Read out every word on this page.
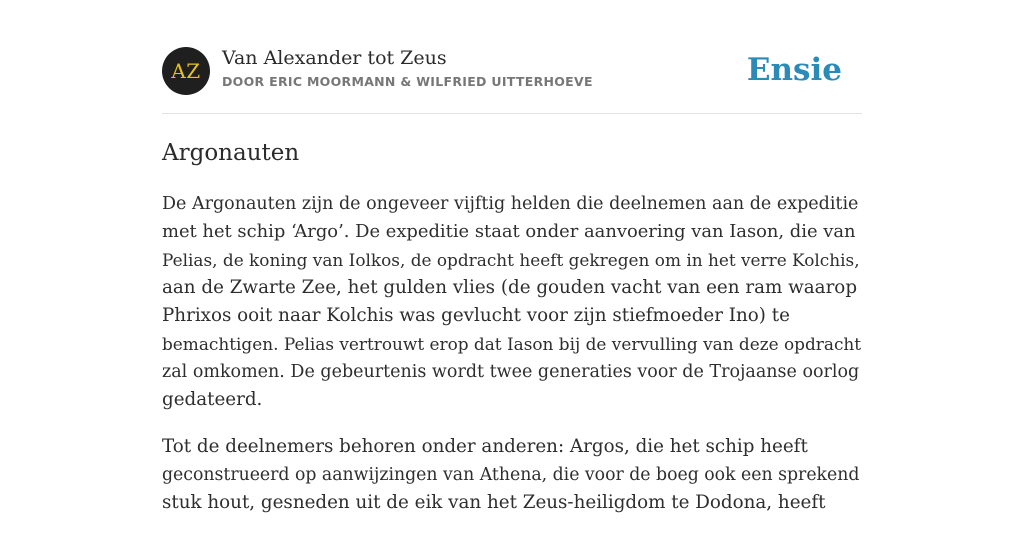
AZ
Van Alexander tot Zeus
DOOR ERIC MOORMANN & WILFRIED UITTERHOEVE	Ensie
Argonauten

De Argonauten zijn de ongeveer vijftig helden die deelnemen aan de expeditie
met het schip ‘Argo’. De expeditie staat onder aanvoering van Iason, die van
Pelias, de koning van Iolkos, de opdracht heeft gekregen om in het verre Kolchis,
aan de Zwarte Zee, het gulden vlies (de gouden vacht van een ram waarop
Phrixos ooit naar Kolchis was gevlucht voor zijn stiefmoeder Ino) te
bemachtigen. Pelias vertrouwt erop dat Iason bij de vervulling van deze opdracht
zal omkomen. De gebeurtenis wordt twee generaties voor de Trojaanse oorlog
gedateerd.

Tot de deelnemers behoren onder anderen: Argos, die het schip heeft
geconstrueerd op aanwijzingen van Athena, die voor de boeg ook een sprekend
stuk hout, gesneden uit de eik van het Zeus-heiligdom te Dodona, heeft
